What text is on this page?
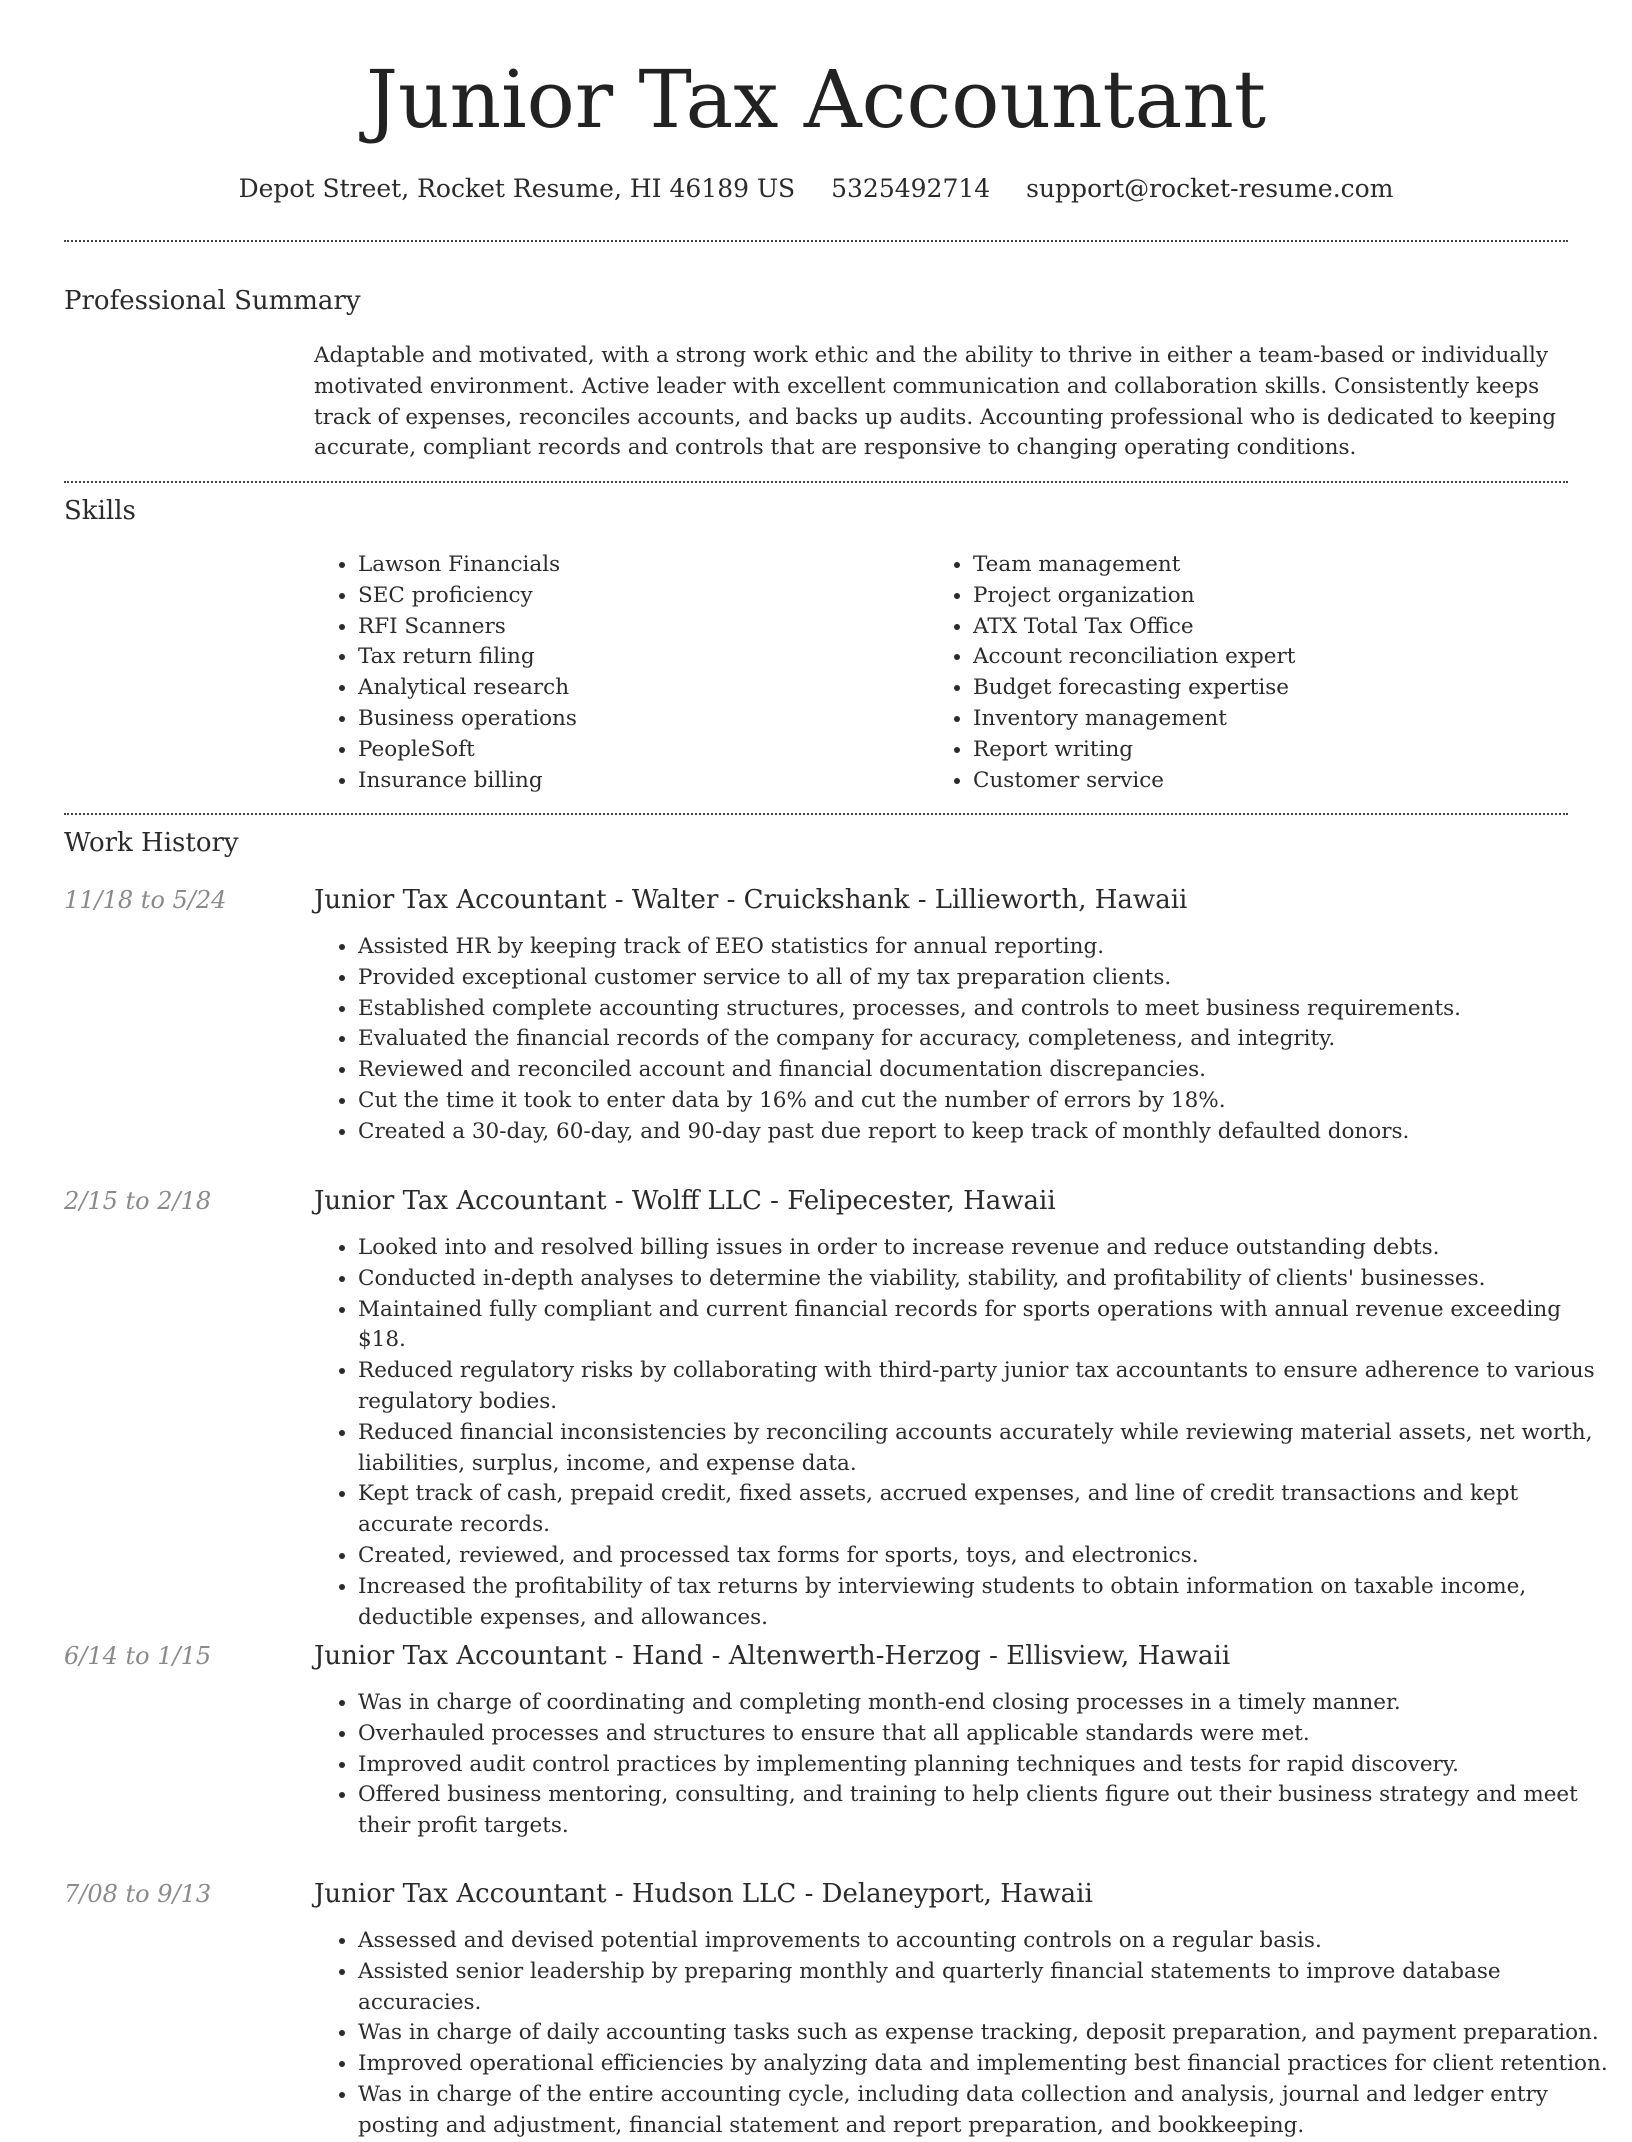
Junior Tax Accountant
Depot Street, Rocket Resume, HI 46189 US 5325492714 support@rocket-resume.com
Professional Summary

Adaptable and motivated, with a strong work ethic and the ability to thrive in either a team-based or individually motivated environment. Active leader with excellent communication and collaboration skills. Consistently keeps track of expenses, reconciles accounts, and backs up audits. Accounting professional who is dedicated to keeping accurate, compliant records and controls that are responsive to changing operating conditions.

Skills
• Lawson Financials
• SEC proficiency
• RFI Scanners
• Tax return filing
• Analytical research
• Business operations
• PeopleSoft
• Insurance billing
• Team management
• Project organization
• ATX Total Tax Office
• Account reconciliation expert
• Budget forecasting expertise
• Inventory management
• Report writing
• Customer service
Work History
11/18 to 5/24	Junior Tax Accountant - Walter - Cruickshank - Lillieworth, Hawaii
• Assisted HR by keeping track of EEO statistics for annual reporting.
• Provided exceptional customer service to all of my tax preparation clients.
• Established complete accounting structures, processes, and controls to meet business requirements.
• Evaluated the financial records of the company for accuracy, completeness, and integrity.
• Reviewed and reconciled account and financial documentation discrepancies.
• Cut the time it took to enter data by 16% and cut the number of errors by 18%.
• Created a 30-day, 60-day, and 90-day past due report to keep track of monthly defaulted donors.
2/15 to 2/18	Junior Tax Accountant - Wolff LLC - Felipecester, Hawaii
• Looked into and resolved billing issues in order to increase revenue and reduce outstanding debts.
• Conducted in-depth analyses to determine the viability, stability, and profitability of clients' businesses.
• Maintained fully compliant and current financial records for sports operations with annual revenue exceeding $18.
• Reduced regulatory risks by collaborating with third-party junior tax accountants to ensure adherence to various regulatory bodies.
• Reduced financial inconsistencies by reconciling accounts accurately while reviewing material assets, net worth, liabilities, surplus, income, and expense data.
• Kept track of cash, prepaid credit, fixed assets, accrued expenses, and line of credit transactions and kept accurate records.
• Created, reviewed, and processed tax forms for sports, toys, and electronics.
• Increased the profitability of tax returns by interviewing students to obtain information on taxable income, deductible expenses, and allowances.
6/14 to 1/15	Junior Tax Accountant - Hand - Altenwerth-Herzog - Ellisview, Hawaii
• Was in charge of coordinating and completing month-end closing processes in a timely manner.
• Overhauled processes and structures to ensure that all applicable standards were met.
• Improved audit control practices by implementing planning techniques and tests for rapid discovery.
• Offered business mentoring, consulting, and training to help clients figure out their business strategy and meet their profit targets.
7/08 to 9/13	Junior Tax Accountant - Hudson LLC - Delaneyport, Hawaii
• Assessed and devised potential improvements to accounting controls on a regular basis.
• Assisted senior leadership by preparing monthly and quarterly financial statements to improve database accuracies.
• Was in charge of daily accounting tasks such as expense tracking, deposit preparation, and payment preparation.
• Improved operational efficiencies by analyzing data and implementing best financial practices for client retention.
• Was in charge of the entire accounting cycle, including data collection and analysis, journal and ledger entry posting and adjustment, financial statement and report preparation, and bookkeeping.
